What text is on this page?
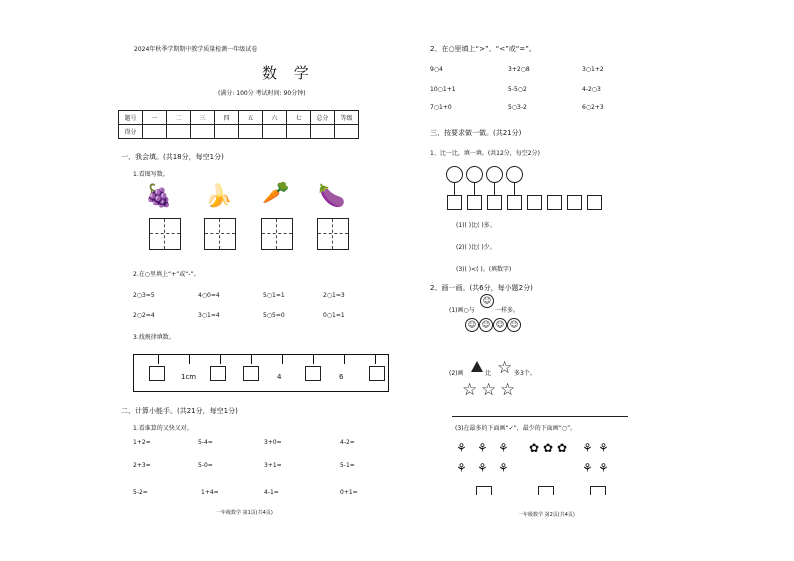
2024年秋季学期期中教学质量检测一年级试卷
数 学
(满分: 100分 考试时间: 90分钟)
题号	一	二	三	四	五	六	七	总分	等级
得分									
一、我会填。(共18分，每空1分)
1.看图写数。
🍇 🍌 🥕 🍆
2.在○里填上“+”或“-”。
2○3=5	4○0=4	5○1=1	2○1=3
2○2=4	3○1=4	5○5=0	0○1=1
3.找规律填数。
1cm	4	6
二、计算小能手。(共21分，每空1分)
1.看谁算的又快又对。
1+2=	5-4=	3+0=	4-2=
2+3=	5-0=	3+1=	5-1=
5-2=	1+4=	4-1=	0+1=
一年级数学 第1页(共4页)
2、在○里填上“>”、“<”或“=”。
9○4	3+2○8	3○1+2
10○1+1	5-5○2	4-2○3
7○1+0	5○3-2	6○2+3
三、按要求做一做。(共21分)
1、比一比，填一填。(共12分，每空2分)
(1)( )比( )多。
(2)( )比( )少。
(3)( )<( )。(填数字)
2、画一画。(共6分，每小题2分)
(1)画○与
☺
一样多。
☺ ☺ ☺ ☺
(2)画	比 ☆ 多3个。
☆ ☆ ☆
(3)在最多的下面画“✓”，最少的下面画“○”。
⚘ ⚘ ⚘
⚘ ⚘ ⚘
✿ ✿ ✿ ⚘ ⚘
⚘ ⚘
一年级数学 第2页(共4页)
